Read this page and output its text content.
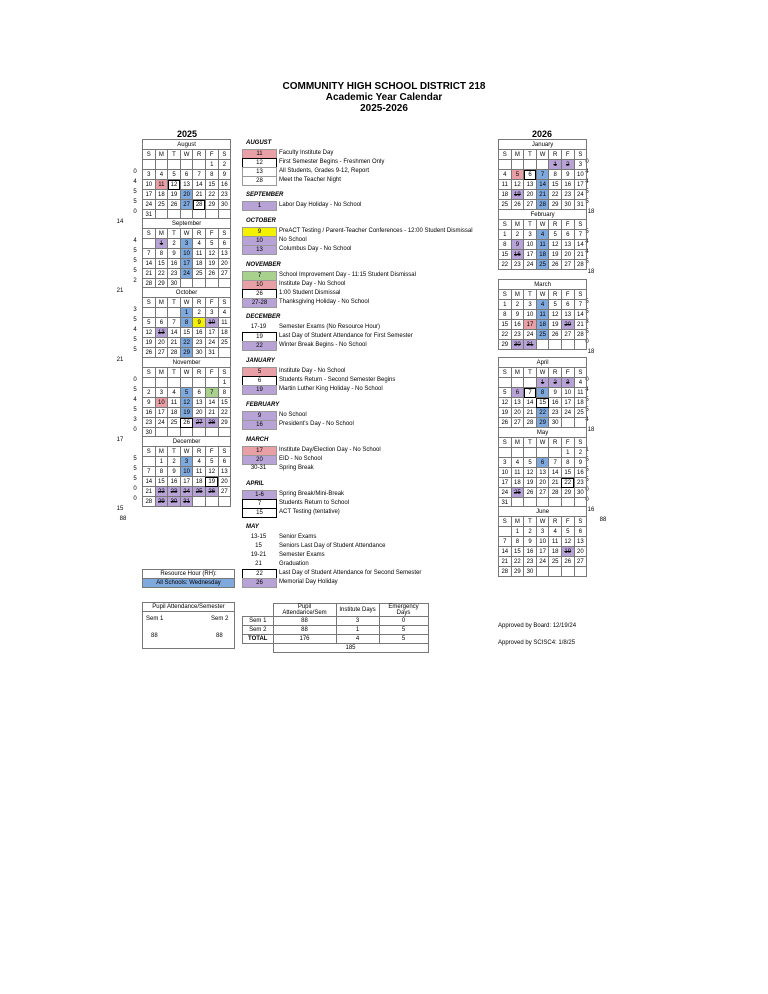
COMMUNITY HIGH SCHOOL DISTRICT 218
Academic Year Calendar
2025-2026
2025	2026
0
4
5
5
0
August						
S	M	T	W	R	F	S
					1	2
3	4	5	6	7	8	9
10	11	12	13	14	15	16
17	18	19	20	21	22	23
24	25	26	27	28	29	30
31						
14
4
5
5
5
2
September						
S	M	T	W	R	F	S
	1	2	3	4	5	6
7	8	9	10	11	12	13
14	15	16	17	18	19	20
21	22	23	24	25	26	27
28	29	30				
21
3
5
4
5
5
October						
S	M	T	W	R	F	S
			1	2	3	4
5	6	7	8	9	10	11
12	13	14	15	16	17	18
19	20	21	22	23	24	25
26	27	28	29	30	31	
21
0
5
4
5
3
0
November						
S	M	T	W	R	F	S
						1
2	3	4	5	6	7	8
9	10	11	12	13	14	15
16	17	18	19	20	21	22
23	24	25	26	27	28	29
30						
17
5
5
5
0
0
December						
S	M	T	W	R	F	S
	1	2	3	4	5	6
7	8	9	10	11	12	13
14	15	16	17	18	19	20
21	22	23	24	25	26	27
28	29	30	31			
15
88
0
4
4
5
5
January						
S	M	T	W	R	F	S
				1	2	3
4	5	6	7	8	9	10
11	12	13	14	15	16	17
18	19	20	21	22	23	24
25	26	27	28	29	30	31
18
5
4
4
5
February						
S	M	T	W	R	F	S
1	2	3	4	5	6	7
8	9	10	11	12	13	14
15	16	17	18	19	20	21
22	23	24	25	26	27	28
18
5
5
3
5
0
March						
S	M	T	W	R	F	S
1	2	3	4	5	6	7
8	9	10	11	12	13	14
15	16	17	18	19	20	21
22	23	24	25	26	27	28
29	30	31				
18
0
4
5
5
4
April						
S	M	T	W	R	F	S
			1	2	3	4
5	6	7	8	9	10	11
12	13	14	15	16	17	18
19	20	21	22	23	24	25
26	27	28	29	30		
18
1
5
5
5
0
0
May						
S	M	T	W	R	F	S
					1	2
3	4	5	6	7	8	9
10	11	12	13	14	15	16
17	18	19	20	21	22	23
24	25	26	27	28	29	30
31						
16
88
June						
S	M	T	W	R	F	S
	1	2	3	4	5	6
7	8	9	10	11	12	13
14	15	16	17	18	19	20
21	22	23	24	25	26	27
28	29	30				
AUGUST
11	Faculty Institute Day
12	First Semester Begins - Freshmen Only
13	All Students, Grades 9-12, Report
28	Meet the Teacher Night
SEPTEMBER
1	Labor Day Holiday - No School
OCTOBER
9	PreACT Testing / Parent-Teacher Conferences - 12:00 Student Dismissal
10	No School
13	Columbus Day - No School
NOVEMBER
7	School Improvement Day - 11:15 Student Dismissal
10	Institute Day - No School
26	1:00 Student Dismissal
27-28	Thanksgiving Holiday - No School
DECEMBER
17-19	Semester Exams (No Resource Hour)
19	Last Day of Student Attendance for First Semester
22	Winter Break Begins - No School
JANUARY
5	Institute Day - No School
6	Students Return - Second Semester Begins
19	Martin Luther King Holiday - No School
FEBRUARY
9	No School
16	President's Day - No School
MARCH
17	Institute Day/Election Day - No School
20	EID - No School
30-31	Spring Break
APRIL
1-6	Spring Break/Mini-Break
7	Students Return to School
15	ACT Testing (tentative)
MAY
13-15	Senior Exams
15	Seniors Last Day of Student Attendance
19-21	Semester Exams
21	Graduation
22	Last Day of Student Attendance for Second Semester
26	Memorial Day Holiday
Resource Hour (RH):
All Schools: Wednesday
Pupil Attendance/Semester
Sem 1	Sem 2
88	88
	Pupil Attendance/Sem	Institute Days	Emergency Days
Sem 1	88	3	0
Sem 2	88	1	5
TOTAL	176	4	5
	185		
Approved by Board: 12/19/24
Approved by SCISC4: 1/8/25
